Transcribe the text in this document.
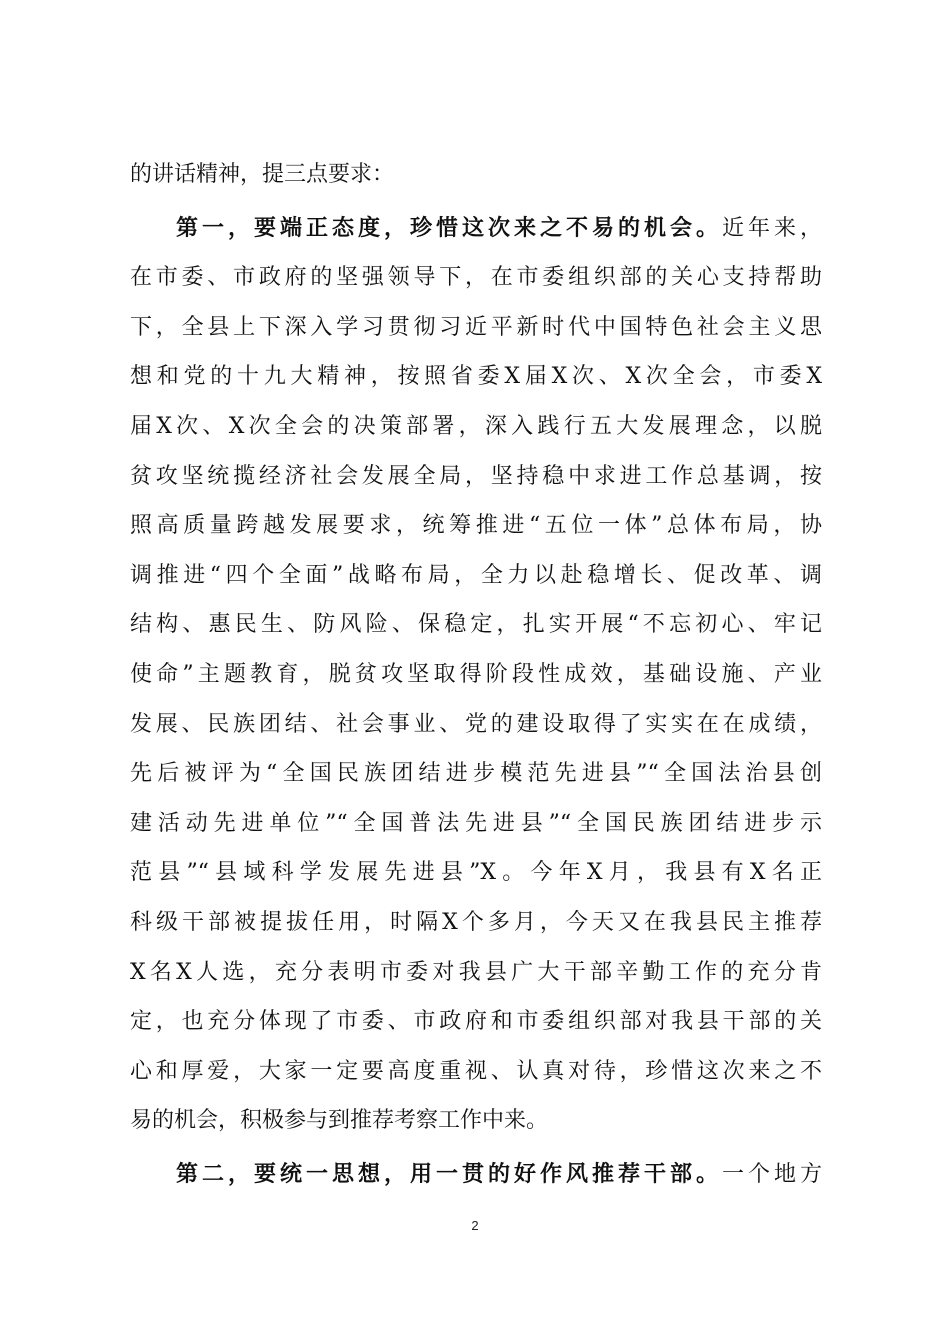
的讲话精神，提三点要求：
第一，要端正态度，珍惜这次来之不易的机会。近年来，
在市委、市政府的坚强领导下，在市委组织部的关心支持帮助
下，全县上下深入学习贯彻习近平新时代中国特色社会主义思
想和党的十九大精神，按照省委X届X次、X次全会，市委X
届X次、X次全会的决策部署，深入践行五大发展理念，以脱
贫攻坚统揽经济社会发展全局，坚持稳中求进工作总基调，按
照高质量跨越发展要求，统筹推进“五位一体”总体布局，协
调推进“四个全面”战略布局，全力以赴稳增长、促改革、调
结构、惠民生、防风险、保稳定，扎实开展“不忘初心、牢记
使命”主题教育，脱贫攻坚取得阶段性成效，基础设施、产业
发展、民族团结、社会事业、党的建设取得了实实在在成绩，
先后被评为“全国民族团结进步模范先进县”“全国法治县创
建活动先进单位”“全国普法先进县”“全国民族团结进步示
范县”“县域科学发展先进县”X。今年X月，我县有X名正
科级干部被提拔任用，时隔X个多月，今天又在我县民主推荐
X名X人选，充分表明市委对我县广大干部辛勤工作的充分肯
定，也充分体现了市委、市政府和市委组织部对我县干部的关
心和厚爱，大家一定要高度重视、认真对待，珍惜这次来之不
易的机会，积极参与到推荐考察工作中来。
第二，要统一思想，用一贯的好作风推荐干部。一个地方
2
